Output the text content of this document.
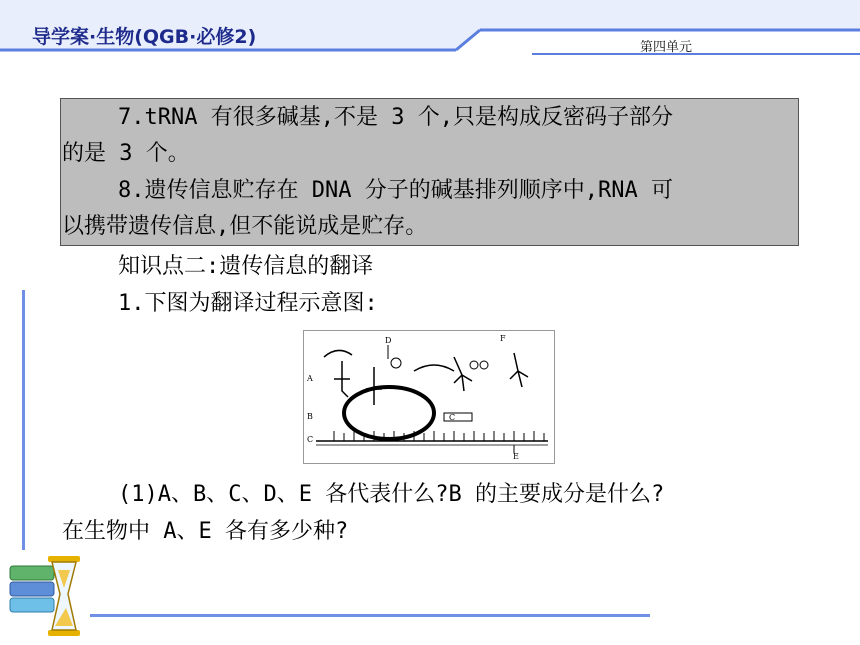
导学案·生物(QGB·必修2)	第四单元
7.tRNA 有很多碱基,不是 3 个,只是构成反密码子部分
的是 3 个。
8.遗传信息贮存在 DNA 分子的碱基排列顺序中,RNA 可
以携带遗传信息,但不能说成是贮存。
知识点二:遗传信息的翻译
1.下图为翻译过程示意图:
A
B
C
D
E
F
C
(1)A、B、C、D、E 各代表什么?B 的主要成分是什么?
在生物中 A、E 各有多少种?
